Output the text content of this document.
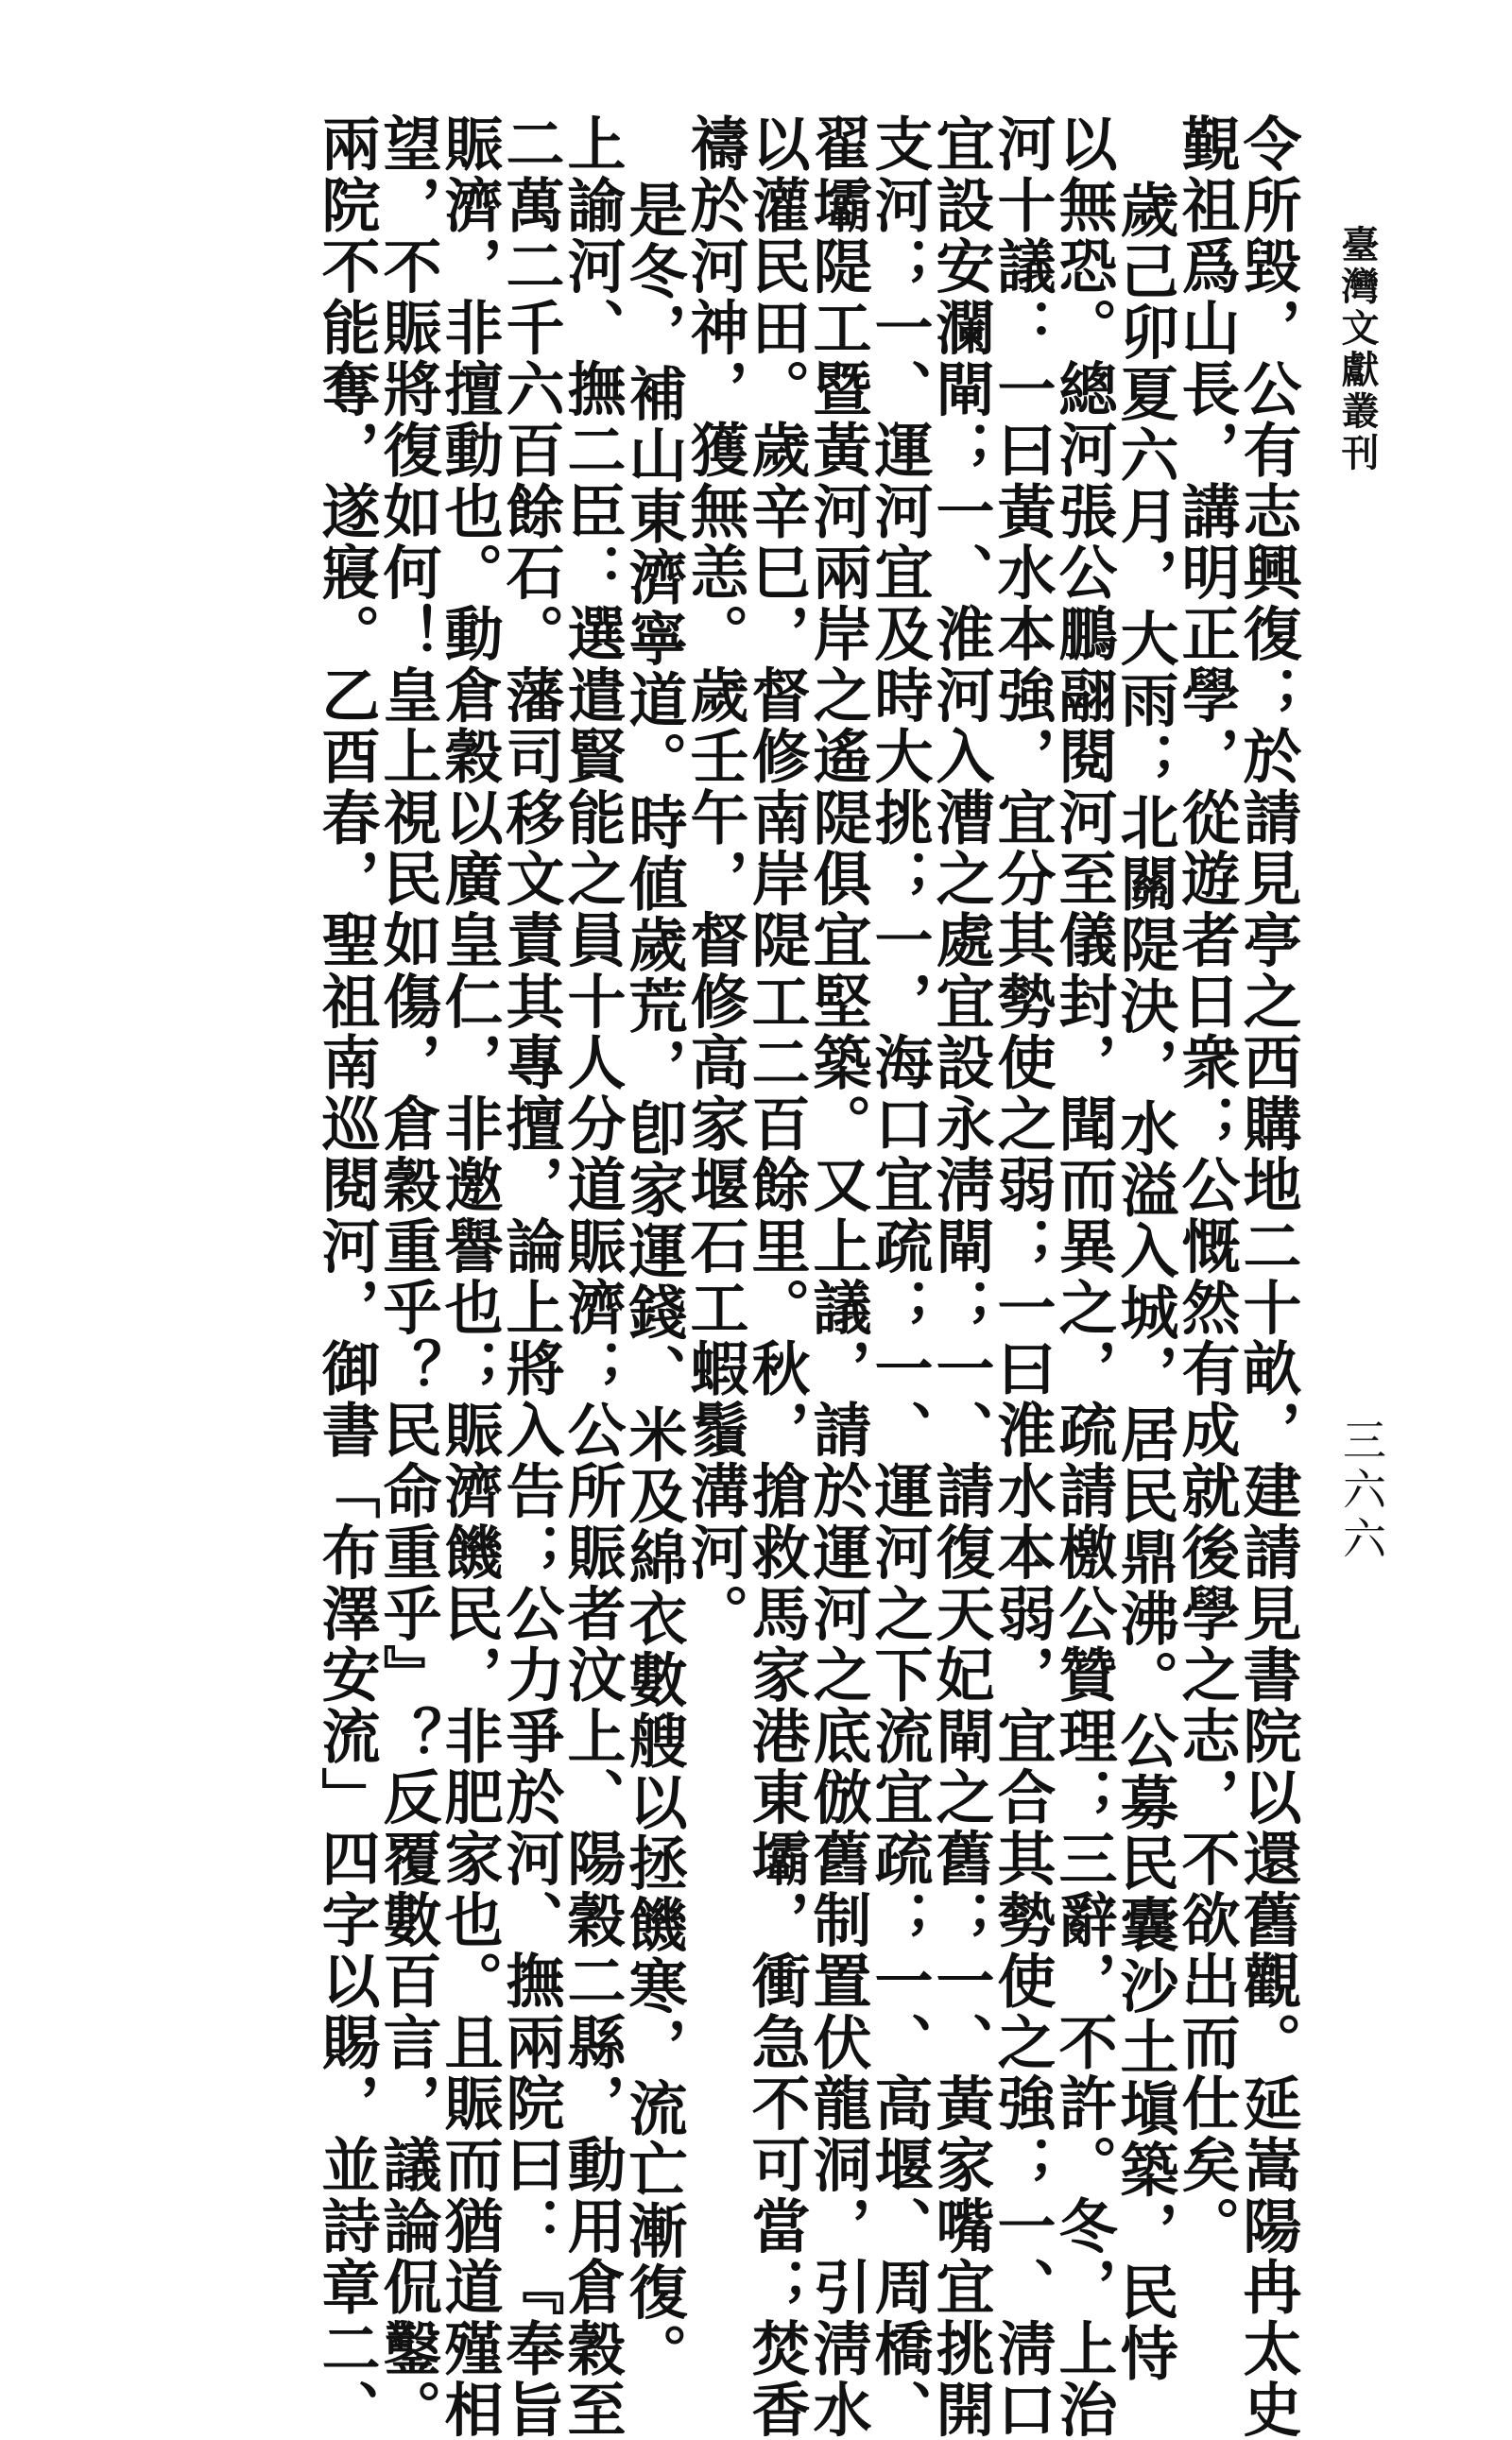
臺灣文獻叢刊
三六六
令所毀，公有志興復；於請見亭之西購地二十畝，建請見書院以還舊觀。延嵩陽冉太史
覲祖爲山長，講明正學，從遊者日衆；公慨然有成就後學之志，不欲出而仕矣。
歲己卯夏六月，大雨；北關隄決，水溢入城，居民鼎沸。公募民囊沙土塡築，民恃
以無恐。總河張公鵬翮閱河至儀封，聞而異之，疏請檄公贊理；三辭，不許。冬，上治
河十議：一曰黃水本強，宜分其勢使之弱；一曰淮水本弱，宜合其勢使之強；一、淸口
宜設安瀾閘；一、淮河入漕之處宜設永淸閘；一、請復天妃閘之舊；一、黃家嘴宜挑開
支河；一、運河宜及時大挑；一，海口宜疏；一、運河之下流宜疏；一、高堰、周橋、
翟壩隄工暨黃河兩岸之遙隄俱宜堅築。又上議，請於運河之底倣舊制置伏龍洞，引淸水
以灌民田。歲辛巳，督修南岸隄工二百餘里。秋，搶救馬家港東壩，衝急不可當；焚香
禱於河神，獲無恙。歲壬午，督修高家堰石工蝦鬚溝河。
是冬，補山東濟寧道。時値歲荒，卽家運錢、米及綿衣數艘以拯饑寒，流亡漸復。
上諭河、撫二臣：選遣賢能之員十人分道賑濟；公所賑者汶上、陽穀二縣，動用倉穀至
二萬二千六百餘石。藩司移文責其專擅，論上將入告；公力爭於河、撫兩院曰：『奉旨
賑濟，非擅動也。動倉穀以廣皇仁，非邀譽也；賑濟饑民，非肥家也。且賑而猶道殣相
望，不賑將復如何！皇上視民如傷，倉穀重乎？民命重乎』？反覆數百言，議論侃鑿。
兩院不能奪，遂寢。乙酉春，聖祖南巡閱河，御書「布澤安流」四字以賜，並詩章二、
